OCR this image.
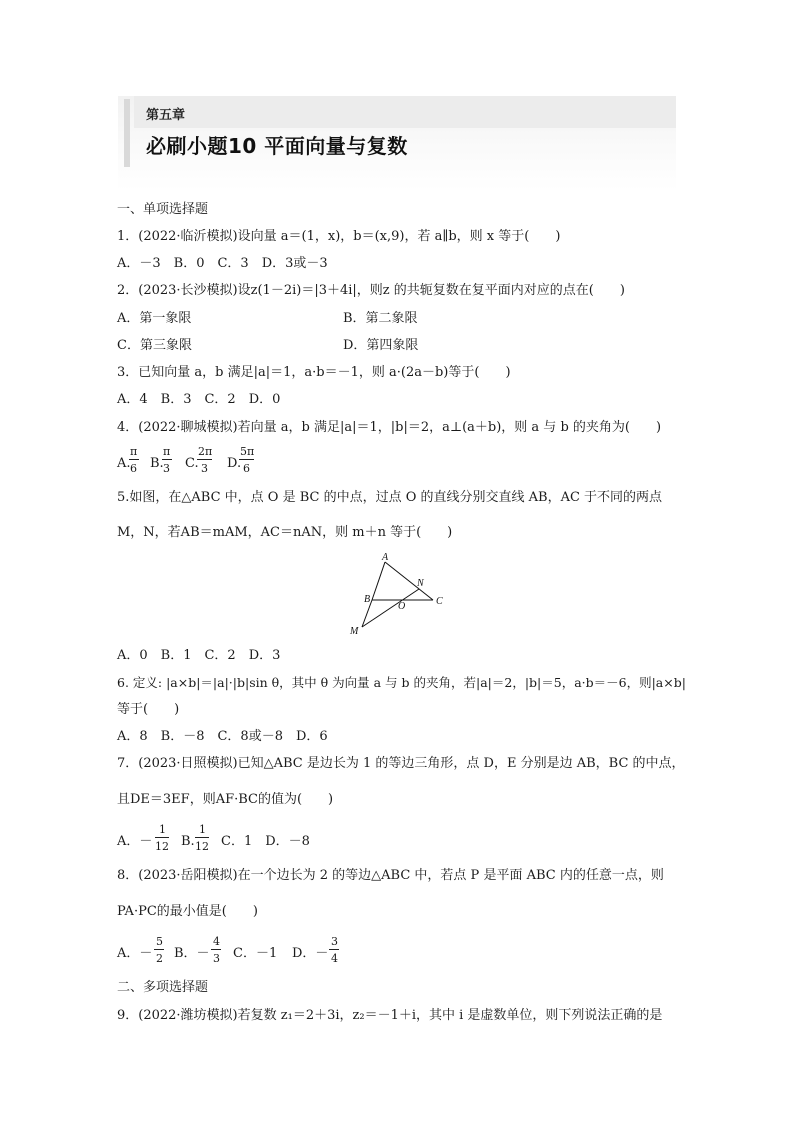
第五章
必刷小题10 平面向量与复数
一、单项选择题
1．(2022·临沂模拟)设向量 a＝(1，x)，b＝(x,9)，若 a∥b，则 x 等于(　　)
A．－3　B．0　C．3　D．3或－3
2．(2023·长沙模拟)设z(1－2i)＝|3＋4i|，则z 的共轭复数在复平面内对应的点在(　　)
A．第一象限	B．第二象限
C．第三象限	D．第四象限
3．已知向量 a，b 满足|a|＝1，a·b＝－1，则 a·(2a－b)等于(　　)
A．4　B．3　C．2　D．0
4．(2022·聊城模拟)若向量 a，b 满足|a|＝1，|b|＝2，a⊥(a＋b)，则 a 与 b 的夹角为(　　)
A.
π
6 B.
π
3 C.
2π
3 D.
5π
6
5.如图，在△ABC 中，点 O 是 BC 的中点，过点 O 的直线分别交直线 AB，AC 于不同的两点
M，N，若AB＝mAM，AC＝nAN，则 m＋n 等于(　　)
A
B	C
M
N
O
A．0　B．1　C．2　D．3
6. 定义: |a×b|＝|a|·|b|sin θ，其中 θ 为向量 a 与 b 的夹角，若|a|＝2，|b|＝5，a·b＝－6，则|a×b|
等于(　　)
A．8　B．－8　C．8或－8　D．6
7．(2023·日照模拟)已知△ABC 是边长为 1 的等边三角形，点 D，E 分别是边 AB，BC 的中点，
且DE＝3EF，则AF·BC的值为(　　)
A．－
1
12 B.
1
12 C．1　D．－8
8．(2023·岳阳模拟)在一个边长为 2 的等边△ABC 中，若点 P 是平面 ABC 内的任意一点，则
PA·PC的最小值是(　　)
A．－
5
2 B．－
4
3 C．－1 D．－
3
4
二、多项选择题
9．(2022·潍坊模拟)若复数 z₁＝2＋3i，z₂＝－1＋i，其中 i 是虚数单位，则下列说法正确的是
